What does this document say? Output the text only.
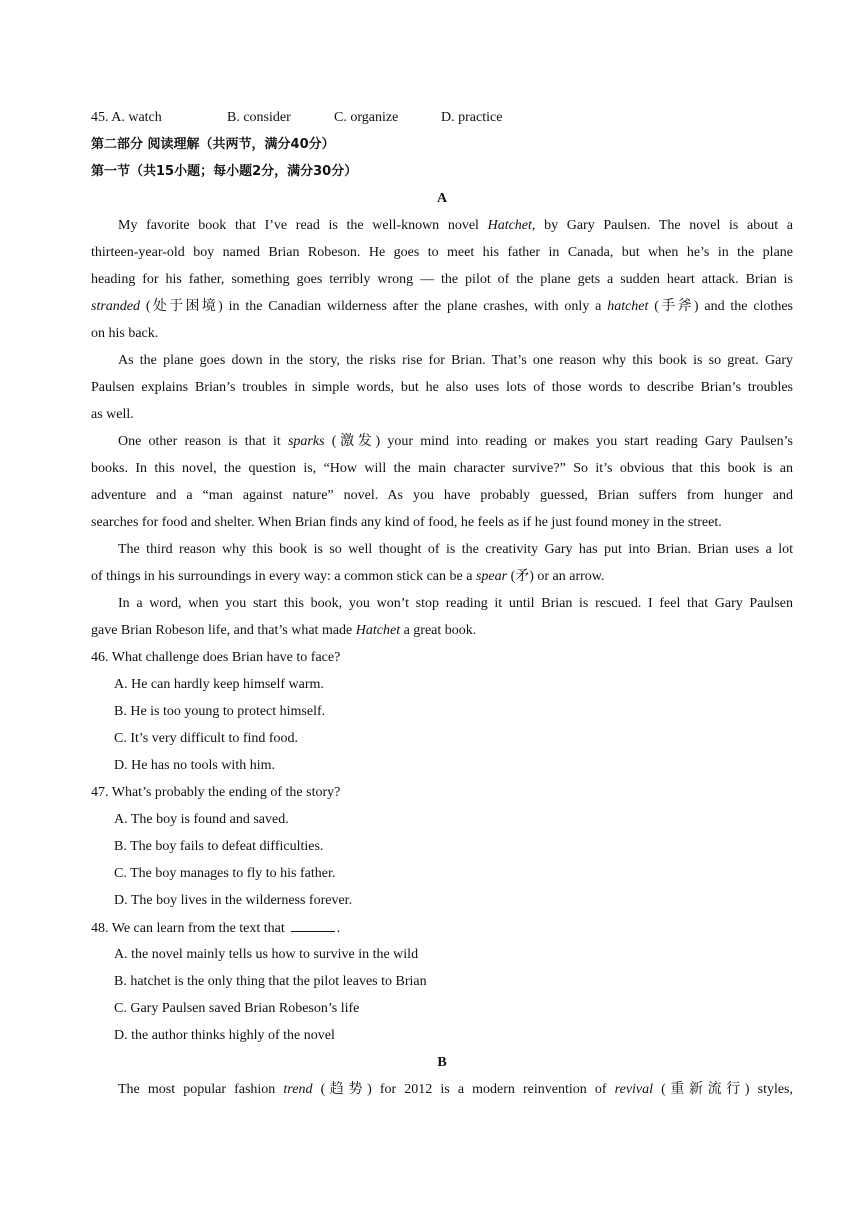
45. A. watch	B. consider	C. organize	D. practice
第二部分 阅读理解（共两节，满分40分）
第一节（共15小题；每小题2分，满分30分）
A
My favorite book that I’ve read is the well-known novel Hatchet, by Gary Paulsen. The novel is about a
thirteen-year-old boy named Brian Robeson. He goes to meet his father in Canada, but when he’s in the plane
heading for his father, something goes terribly wrong — the pilot of the plane gets a sudden heart attack. Brian is
stranded (处于困境) in the Canadian wilderness after the plane crashes, with only a hatchet (手斧) and the clothes
on his back.
As the plane goes down in the story, the risks rise for Brian. That’s one reason why this book is so great. Gary
Paulsen explains Brian’s troubles in simple words, but he also uses lots of those words to describe Brian’s troubles
as well.
One other reason is that it sparks (激发) your mind into reading or makes you start reading Gary Paulsen’s
books. In this novel, the question is, “How will the main character survive?” So it’s obvious that this book is an
adventure and a “man against nature” novel. As you have probably guessed, Brian suffers from hunger and
searches for food and shelter. When Brian finds any kind of food, he feels as if he just found money in the street.
The third reason why this book is so well thought of is the creativity Gary has put into Brian. Brian uses a lot
of things in his surroundings in every way: a common stick can be a spear (矛) or an arrow.
In a word, when you start this book, you won’t stop reading it until Brian is rescued. I feel that Gary Paulsen
gave Brian Robeson life, and that’s what made Hatchet a great book.
46. What challenge does Brian have to face?
A. He can hardly keep himself warm.
B. He is too young to protect himself.
C. It’s very difficult to find food.
D. He has no tools with him.
47. What’s probably the ending of the story?
A. The boy is found and saved.
B. The boy fails to defeat difficulties.
C. The boy manages to fly to his father.
D. The boy lives in the wilderness forever.
48. We can learn from the text that	.
A. the novel mainly tells us how to survive in the wild
B. hatchet is the only thing that the pilot leaves to Brian
C. Gary Paulsen saved Brian Robeson’s life
D. the author thinks highly of the novel
B
The most popular fashion trend (趋势) for 2012 is a modern reinvention of revival (重新流行) styles,
